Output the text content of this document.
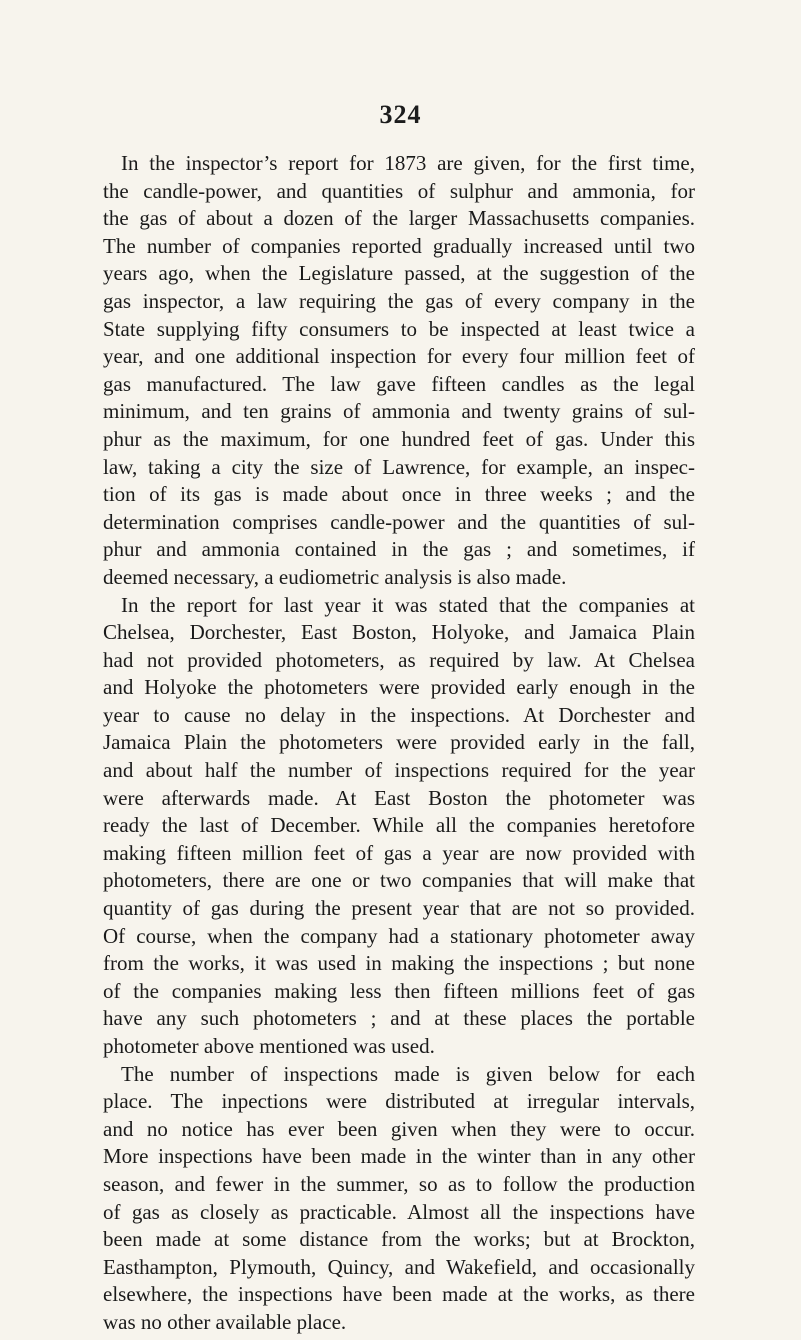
324
In the inspector’s report for 1873 are given, for the first time,
the candle-power, and quantities of sulphur and ammonia, for
the gas of about a dozen of the larger Massachusetts companies.
The number of companies reported gradually increased until two
years ago, when the Legislature passed, at the suggestion of the
gas inspector, a law requiring the gas of every company in the
State supplying fifty consumers to be inspected at least twice a
year, and one additional inspection for every four million feet of
gas manufactured. The law gave fifteen candles as the legal
minimum, and ten grains of ammonia and twenty grains of sul-
phur as the maximum, for one hundred feet of gas. Under this
law, taking a city the size of Lawrence, for example, an inspec-
tion of its gas is made about once in three weeks ; and the
determination comprises candle-power and the quantities of sul-
phur and ammonia contained in the gas ; and sometimes, if
deemed necessary, a eudiometric analysis is also made.
In the report for last year it was stated that the companies at
Chelsea, Dorchester, East Boston, Holyoke, and Jamaica Plain
had not provided photometers, as required by law. At Chelsea
and Holyoke the photometers were provided early enough in the
year to cause no delay in the inspections. At Dorchester and
Jamaica Plain the photometers were provided early in the fall,
and about half the number of inspections required for the year
were afterwards made. At East Boston the photometer was
ready the last of December. While all the companies heretofore
making fifteen million feet of gas a year are now provided with
photometers, there are one or two companies that will make that
quantity of gas during the present year that are not so provided.
Of course, when the company had a stationary photometer away
from the works, it was used in making the inspections ; but none
of the companies making less then fifteen millions feet of gas
have any such photometers ; and at these places the portable
photometer above mentioned was used.
The number of inspections made is given below for each
place. The inpections were distributed at irregular intervals,
and no notice has ever been given when they were to occur.
More inspections have been made in the winter than in any other
season, and fewer in the summer, so as to follow the production
of gas as closely as practicable. Almost all the inspections have
been made at some distance from the works; but at Brockton,
Easthampton, Plymouth, Quincy, and Wakefield, and occasionally
elsewhere, the inspections have been made at the works, as there
was no other available place.
